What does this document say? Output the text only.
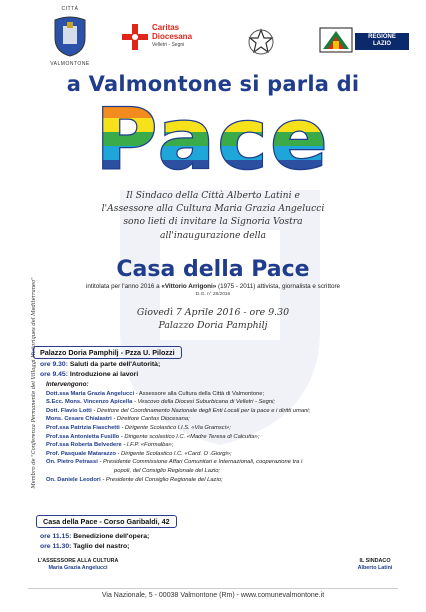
CITTÀ
VALMONTONE
Caritas
Diocesana
Velletri - Segni
REGIONE
LAZIO
a Valmontone si parla di
Pace
Il Sindaco della Città Alberto Latini e
l'Assessore alla Cultura Maria Grazia Angelucci
sono lieti di invitare la Signoria Vostra
all'inaugurazione della
Casa della Pace
intitolata per l'anno 2016 a «Vittorio Arrigoni» (1975 - 2011) attivista, giornalista e scrittore
D.G. n° 28/2016
Giovedì 7 Aprile 2016 - ore 9.30
Palazzo Doria Pamphilj
Membro de "Conferenza Permanente dei Villaggi Historiques del Mediterraneo" Palazzo Doria Pamphilj - Pzza U. Pilozzi
ore 9.30: Saluti da parte dell'Autorità;
ore 9.45: Introduzione ai lavori
Intervengono:
Dott.ssa Maria Grazia Angelucci - Assessore alla Cultura della Città di Valmontone;
S.Ecc. Mons. Vincenzo Apicella - Vescovo della Diocesi Suburbicana di Velletri - Segni;
Dott. Flavio Lotti - Direttore del Coordinamento Nazionale degli Enti Locali per la pace e i diritti umani;
Mons. Cesare Chialastri - Direttore Caritas Diocesana;
Prof.ssa Patrizia Fiaschetti - Dirigente Scolastico I.I.S. «Via Gramsci»;
Prof.ssa Antonietta Fusillo - Dirigente scolastico I.C. «Madre Teresa di Calcutta»;
Prof.ssa Roberta Belvedere - I.F.P. «Formalba»;
Prof. Pasquale Matarazzo - Dirigente Scolastico I.C. «Card. O .Giorgi»;
On. Pietro Petrassi - Presidente Commissione Affari Comunitari e Internazionali, cooperazione tra i
popoli, del Consiglio Regionale del Lazio;
On. Daniele Leodori - Presidente del Consiglio Regionale del Lazio;
Casa della Pace - Corso Garibaldi, 42
ore 11.15: Benedizione dell'opera;
ore 11.30: Taglio del nastro;
L'ASSESSORE ALLA CULTURA
Maria Grazia Angelucci
IL SINDACO
Alberto Latini
Via Nazionale, 5 - 00038 Valmontone (Rm) - www.comunevalmontone.it
